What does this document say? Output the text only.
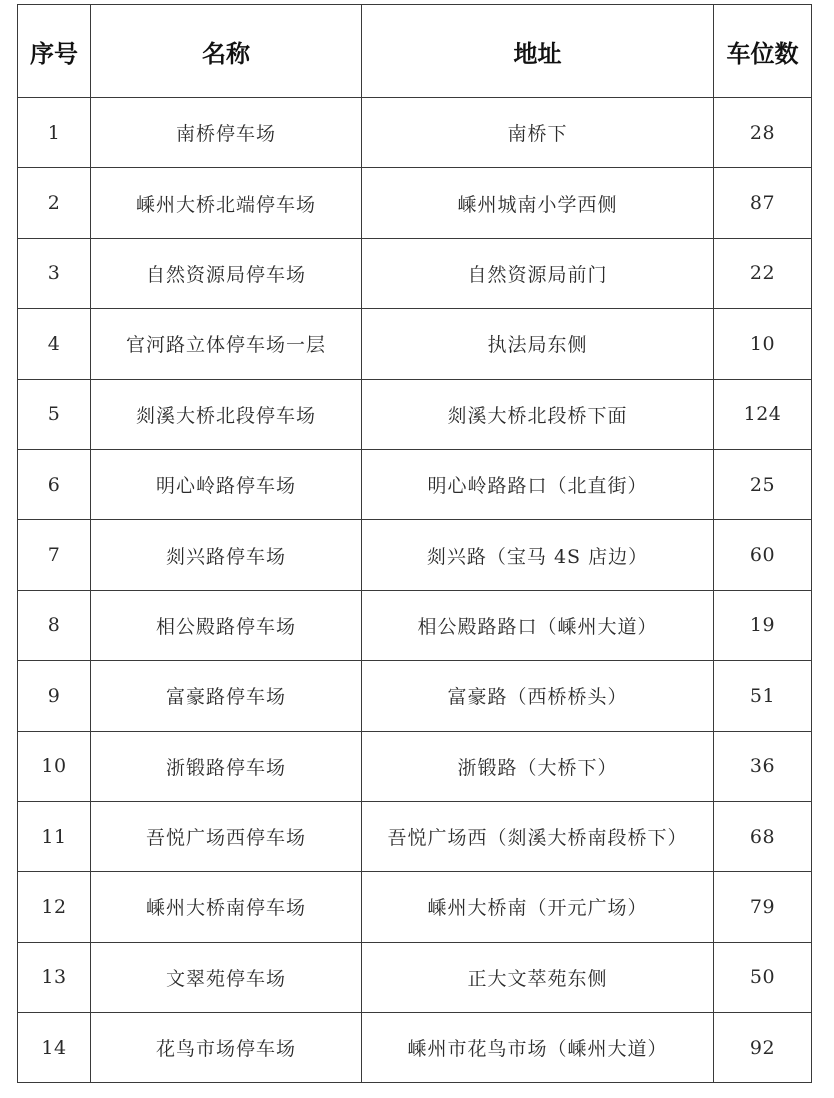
序号	名称	地址	车位数
1	南桥停车场	南桥下	28
2	嵊州大桥北端停车场	嵊州城南小学西侧	87
3	自然资源局停车场	自然资源局前门	22
4	官河路立体停车场一层	执法局东侧	10
5	剡溪大桥北段停车场	剡溪大桥北段桥下面	124
6	明心岭路停车场	明心岭路路口（北直街）	25
7	剡兴路停车场	剡兴路（宝马 4S 店边）	60
8	相公殿路停车场	相公殿路路口（嵊州大道）	19
9	富豪路停车场	富豪路（西桥桥头）	51
10	浙锻路停车场	浙锻路（大桥下）	36
11	吾悦广场西停车场	吾悦广场西（剡溪大桥南段桥下）	68
12	嵊州大桥南停车场	嵊州大桥南（开元广场）	79
13	文翠苑停车场	正大文萃苑东侧	50
14	花鸟市场停车场	嵊州市花鸟市场（嵊州大道）	92
